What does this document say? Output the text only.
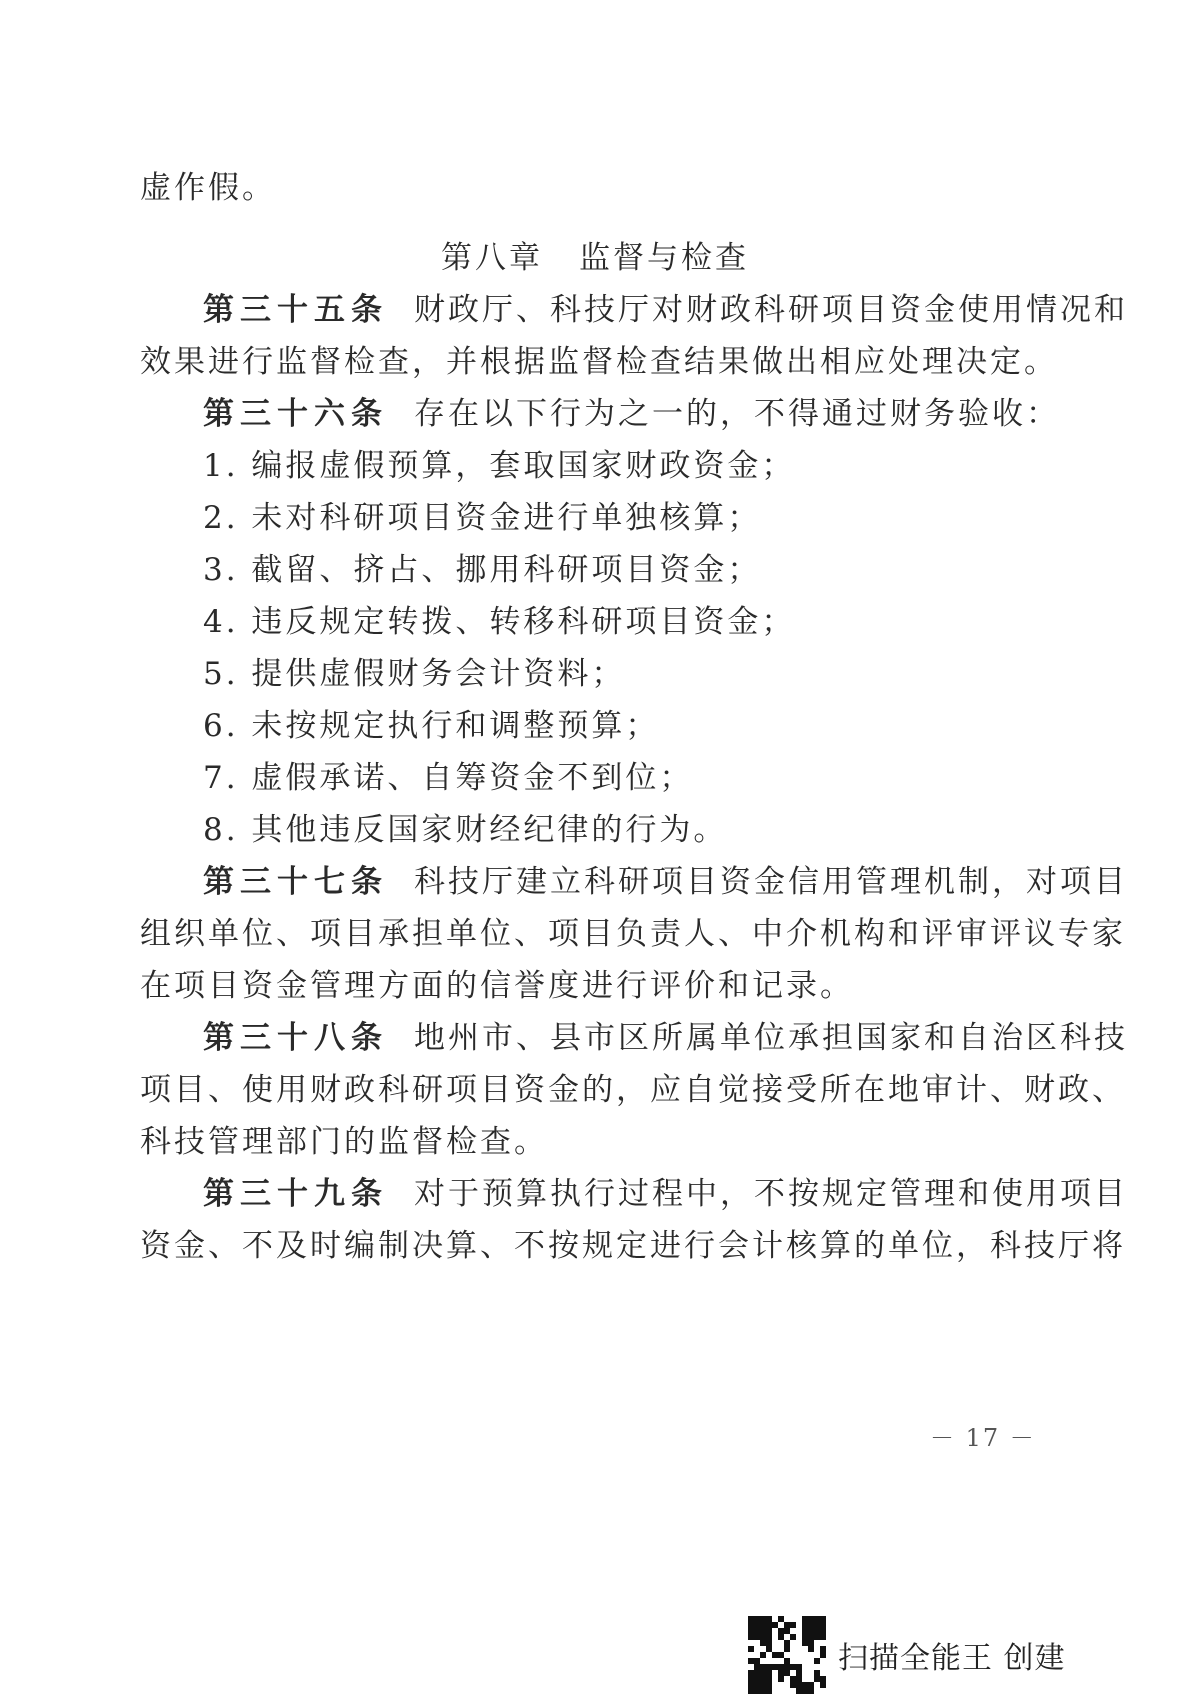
虚作假。
第八章 监督与检查
第三十五条 财政厅、科技厅对财政科研项目资金使用情况和
效果进行监督检查，并根据监督检查结果做出相应处理决定。
第三十六条 存在以下行为之一的，不得通过财务验收：
1. 编报虚假预算，套取国家财政资金；
2. 未对科研项目资金进行单独核算；
3. 截留、挤占、挪用科研项目资金；
4. 违反规定转拨、转移科研项目资金；
5. 提供虚假财务会计资料；
6. 未按规定执行和调整预算；
7. 虚假承诺、自筹资金不到位；
8. 其他违反国家财经纪律的行为。
第三十七条 科技厅建立科研项目资金信用管理机制，对项目
组织单位、项目承担单位、项目负责人、中介机构和评审评议专家
在项目资金管理方面的信誉度进行评价和记录。
第三十八条 地州市、县市区所属单位承担国家和自治区科技
项目、使用财政科研项目资金的，应自觉接受所在地审计、财政、
科技管理部门的监督检查。
第三十九条 对于预算执行过程中，不按规定管理和使用项目
资金、不及时编制决算、不按规定进行会计核算的单位，科技厅将
－ 17 －
扫描全能王 创建
